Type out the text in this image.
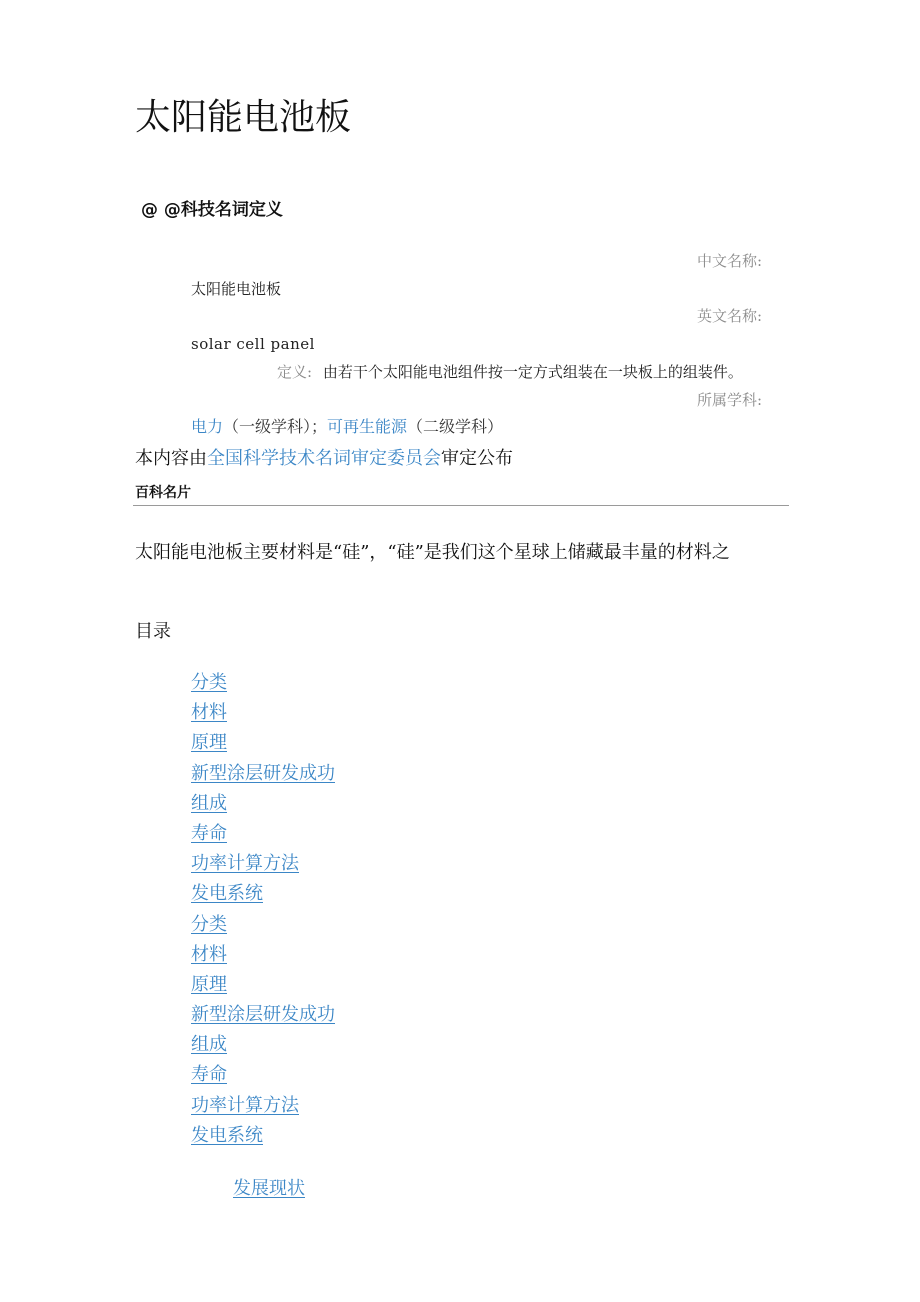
太阳能电池板
@ @科技名词定义
中文名称:
太阳能电池板
英文名称:
solar cell panel
定义: 由若干个太阳能电池组件按一定方式组装在一块板上的组装件。
所属学科:
电力（一级学科）；可再生能源（二级学科）
本内容由全国科学技术名词审定委员会审定公布
百科名片
太阳能电池板主要材料是“硅”，“硅”是我们这个星球上储藏最丰量的材料之
目录
分类
材料
原理
新型涂层研发成功
组成
寿命
功率计算方法
发电系统
分类
材料
原理
新型涂层研发成功
组成
寿命
功率计算方法
发电系统
发展现状
